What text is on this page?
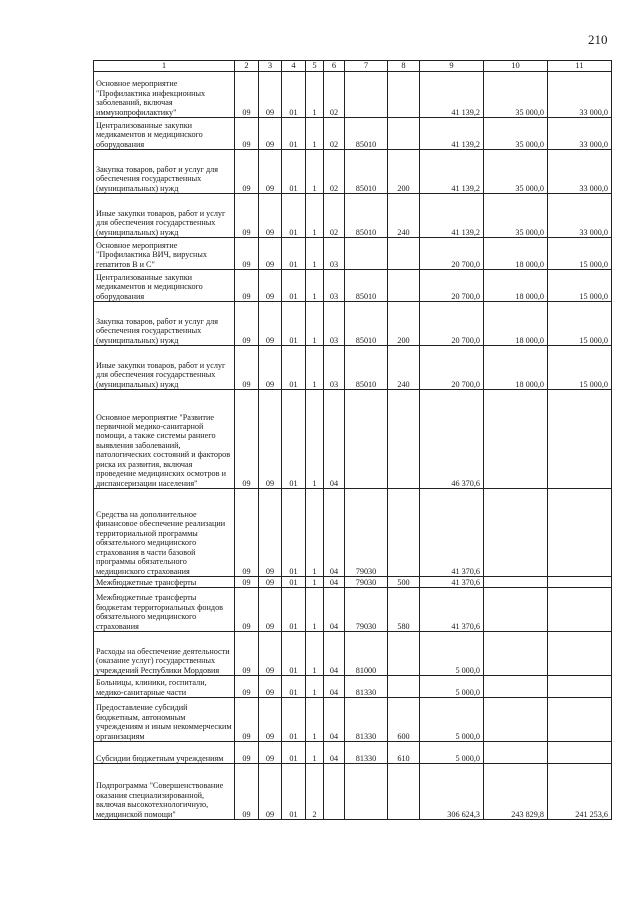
210
1	2	3	4	5	6	7	8	9	10	11
Основное мероприятие "Профилактика инфекционных заболеваний, включая иммунопрофилактику"	09	09	01	1	02			41 139,2	35 000,0	33 000,0
Централизованные закупки медикаментов и медицинского оборудования	09	09	01	1	02	85010		41 139,2	35 000,0	33 000,0
Закупка товаров, работ и услуг для обеспечения государственных (муниципальных) нужд	09	09	01	1	02	85010	200	41 139,2	35 000,0	33 000,0
Иные закупки товаров, работ и услуг для обеспечения государственных (муниципальных) нужд	09	09	01	1	02	85010	240	41 139,2	35 000,0	33 000,0
Основное мероприятие "Профилактика ВИЧ, вирусных гепатитов В и С"	09	09	01	1	03			20 700,0	18 000,0	15 000,0
Централизованные закупки медикаментов и медицинского оборудования	09	09	01	1	03	85010		20 700,0	18 000,0	15 000,0
Закупка товаров, работ и услуг для обеспечения государственных (муниципальных) нужд	09	09	01	1	03	85010	200	20 700,0	18 000,0	15 000,0
Иные закупки товаров, работ и услуг для обеспечения государственных (муниципальных) нужд	09	09	01	1	03	85010	240	20 700,0	18 000,0	15 000,0
Основное мероприятие "Развитие первичной медико-санитарной помощи, а также системы раннего выявления заболеваний, патологических состояний и факторов риска их развития, включая проведение медицинских осмотров и диспансеризации населения"	09	09	01	1	04			46 370,6		
Средства на дополнительное финансовое обеспечение реализации территориальной программы обязательного медицинского страхования в части базовой программы обязательного медицинского страхования	09	09	01	1	04	79030		41 370,6		
Межбюджетные трансферты	09	09	01	1	04	79030	500	41 370,6		
Межбюджетные трансферты бюджетам территориальных фондов обязательного медицинского страхования	09	09	01	1	04	79030	580	41 370,6		
Расходы на обеспечение деятельности (оказание услуг) государственных учреждений Республики Мордовия	09	09	01	1	04	81000		5 000,0		
Больницы, клиники, госпитали, медико-санитарные части	09	09	01	1	04	81330		5 000,0		
Предоставление субсидий бюджетным, автономным учреждениям и иным некоммерческим организациям	09	09	01	1	04	81330	600	5 000,0		
Субсидии бюджетным учреждениям	09	09	01	1	04	81330	610	5 000,0		
Подпрограмма "Совершенствование оказания специализированной, включая высокотехнологичную, медицинской помощи"	09	09	01	2				306 624,3	243 829,8	241 253,6
